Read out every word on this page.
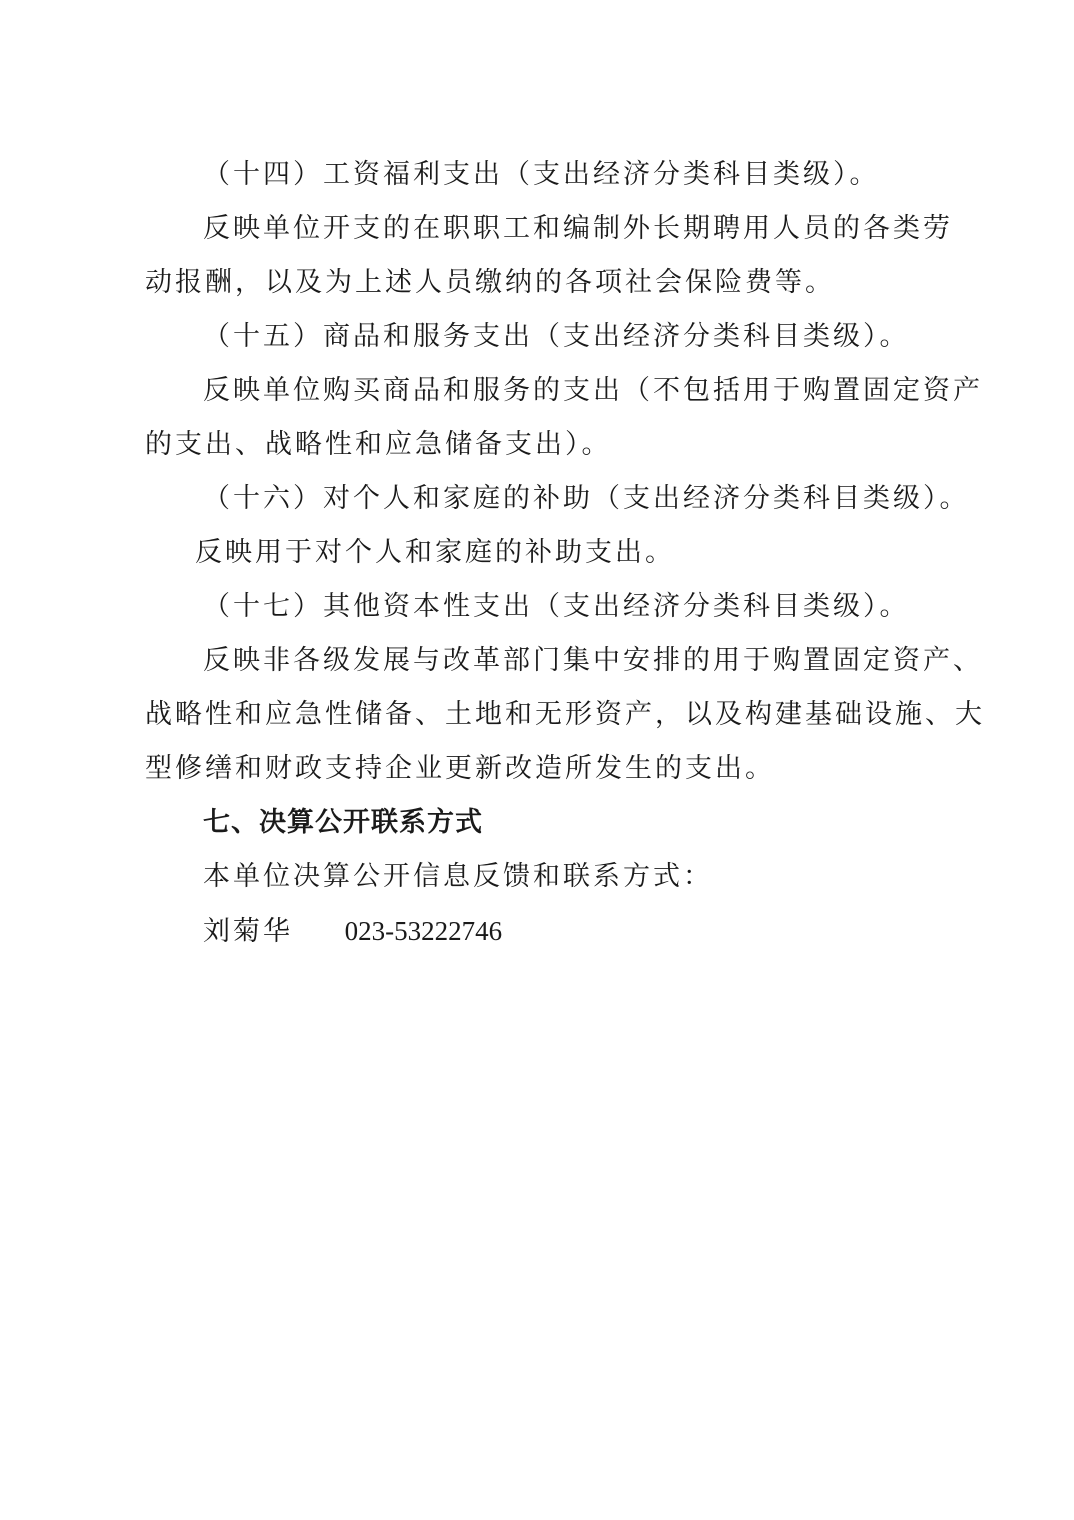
（十四）工资福利支出（支出经济分类科目类级）。

反映单位开支的在职职工和编制外长期聘用人员的各类劳

动报酬，以及为上述人员缴纳的各项社会保险费等。

（十五）商品和服务支出（支出经济分类科目类级）。

反映单位购买商品和服务的支出（不包括用于购置固定资产

的支出、战略性和应急储备支出）。

（十六）对个人和家庭的补助（支出经济分类科目类级）。

反映用于对个人和家庭的补助支出。

（十七）其他资本性支出（支出经济分类科目类级）。

反映非各级发展与改革部门集中安排的用于购置固定资产、

战略性和应急性储备、土地和无形资产，以及构建基础设施、大

型修缮和财政支持企业更新改造所发生的支出。

七、决算公开联系方式

本单位决算公开信息反馈和联系方式：

刘菊华 023-53222746
